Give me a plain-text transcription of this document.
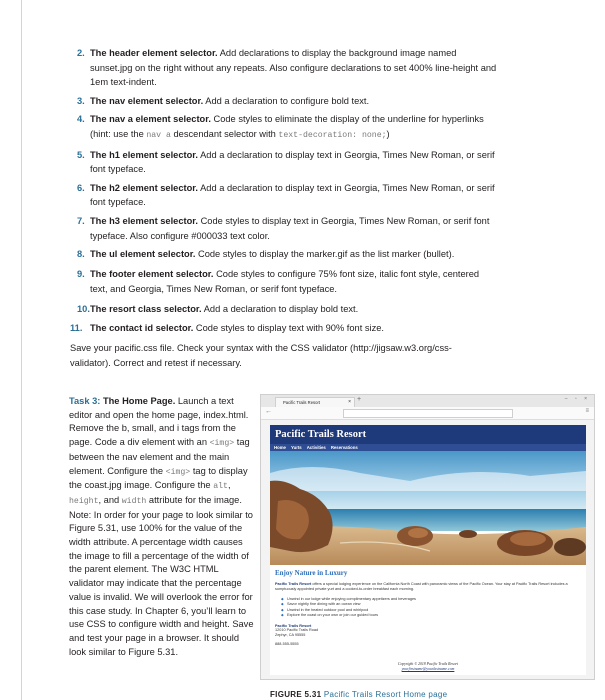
2. The header element selector. Add declarations to display the background image named sunset.jpg on the right without any repeats. Also configure declarations to set 400% line-height and 1em text-indent.
3. The nav element selector. Add a declaration to configure bold text.
4. The nav a element selector. Code styles to eliminate the display of the underline for hyperlinks (hint: use the nav a descendant selector with text-decoration: none;)
5. The h1 element selector. Add a declaration to display text in Georgia, Times New Roman, or serif font typeface.
6. The h2 element selector. Add a declaration to display text in Georgia, Times New Roman, or serif font typeface.
7. The h3 element selector. Code styles to display text in Georgia, Times New Roman, or serif font typeface. Also configure #000033 text color.
8. The ul element selector. Code styles to display the marker.gif as the list marker (bullet).
9. The footer element selector. Code styles to configure 75% font size, italic font style, centered text, and Georgia, Times New Roman, or serif font typeface.
10. The resort class selector. Add a declaration to display bold text.
11. The contact id selector. Code styles to display text with 90% font size.
Save your pacific.css file. Check your syntax with the CSS validator (http://jigsaw.w3.org/css-validator). Correct and retest if necessary.
Task 3: The Home Page. Launch a text editor and open the home page, index.html. Remove the b, small, and i tags from the page. Code a div element with an <img> tag between the nav element and the main element. Configure the <img> tag to display the coast.jpg image. Configure the alt, height, and width attribute for the image. Note: In order for your page to look similar to Figure 5.31, use 100% for the value of the width attribute. A percentage width causes the image to fill a percentage of the width of the parent element. The W3C HTML validator may indicate that the percentage value is invalid. We will overlook the error for this case study. In Chapter 6, you’ll learn to use CSS to configure width and height. Save and test your page in a browser. It should look similar to Figure 5.31.
Pacific Trails Resort	× +	– ▫ ×
←	≡
Pacific Trails Resort
Home Yurts Activities Reservations
Enjoy Nature in Luxury
Pacific Trails Resort offers a special lodging experience on the California North Coast with panoramic views of the Pacific Ocean. Your stay at Pacific Trails Resort includes a sumptuously appointed private yurt and a cooked-to-order breakfast each morning.
◆ Unwind in our lodge while enjoying complimentary appetizers and beverages
◆ Savor nightly fine dining with an ocean view
◆ Unwind in the heated outdoor pool and whirlpool
◆ Explore the coast on your own or join our guided tours
Pacific Trails Resort
12010 Pacific Trails Road
Zephyr, CA 95555
888-555-5555
Copyright © 2018 Pacific Trails Resort
yourfirstname@yourlastname.com
FIGURE 5.31 Pacific Trails Resort Home page
